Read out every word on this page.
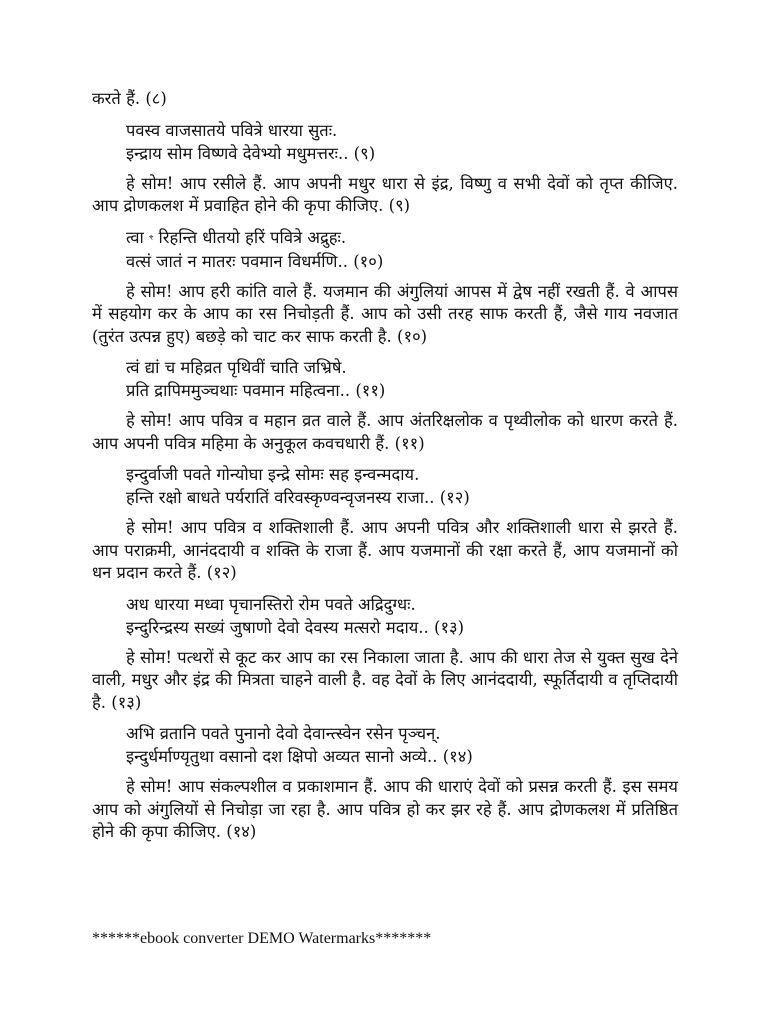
करते हैं. (८)
पवस्व वाजसातये पवित्रे धारया सुतः.
इन्द्राय सोम विष्णवे देवेभ्यो मधुमत्तरः.. (९)
हे सोम! आप रसीले हैं. आप अपनी मधुर धारा से इंद्र, विष्णु व सभी देवों को तृप्त कीजिए. आप द्रोणकलश में प्रवाहित होने की कृपा कीजिए. (९)
त्वा ꣳ रिहन्ति धीतयो हरिं पवित्रे अद्रुहः.
वत्सं जातं न मातरः पवमान विधर्मणि.. (१०)
हे सोम! आप हरी कांति वाले हैं. यजमान की अंगुलियां आपस में द्वेष नहीं रखती हैं. वे आपस में सहयोग कर के आप का रस निचोड़ती हैं. आप को उसी तरह साफ करती हैं, जैसे गाय नवजात (तुरंत उत्पन्न हुए) बछड़े को चाट कर साफ करती है. (१०)
त्वं द्यां च महिव्रत पृथिवीं चाति जभ्रिषे.
प्रति द्रापिममुञ्चथाः पवमान महित्वना.. (११)
हे सोम! आप पवित्र व महान व्रत वाले हैं. आप अंतरिक्षलोक व पृथ्वीलोक को धारण करते हैं. आप अपनी पवित्र महिमा के अनुकूल कवचधारी हैं. (११)
इन्दुर्वाजी पवते गोन्योघा इन्द्रे सोमः सह इन्वन्मदाय.
हन्ति रक्षो बाधते पर्यरातिं वरिवस्कृण्वन्वृजनस्य राजा.. (१२)
हे सोम! आप पवित्र व शक्तिशाली हैं. आप अपनी पवित्र और शक्तिशाली धारा से झरते हैं. आप पराक्रमी, आनंददायी व शक्ति के राजा हैं. आप यजमानों की रक्षा करते हैं, आप यजमानों को धन प्रदान करते हैं. (१२)
अध धारया मध्वा पृचानस्तिरो रोम पवते अद्रिदुग्धः.
इन्दुरिन्द्रस्य सख्यं जुषाणो देवो देवस्य मत्सरो मदाय.. (१३)
हे सोम! पत्थरों से कूट कर आप का रस निकाला जाता है. आप की धारा तेज से युक्त सुख देने वाली, मधुर और इंद्र की मित्रता चाहने वाली है. वह देवों के लिए आनंददायी, स्फूर्तिदायी व तृप्तिदायी है. (१३)
अभि व्रतानि पवते पुनानो देवो देवान्त्स्वेन रसेन पृञ्चन्.
इन्दुर्धर्माण्यृतुथा वसानो दश क्षिपो अव्यत सानो अव्ये.. (१४)
हे सोम! आप संकल्पशील व प्रकाशमान हैं. आप की धाराएं देवों को प्रसन्न करती हैं. इस समय आप को अंगुलियों से निचोड़ा जा रहा है. आप पवित्र हो कर झर रहे हैं. आप द्रोणकलश में प्रतिष्ठित होने की कृपा कीजिए. (१४)
******ebook converter DEMO Watermarks*******
